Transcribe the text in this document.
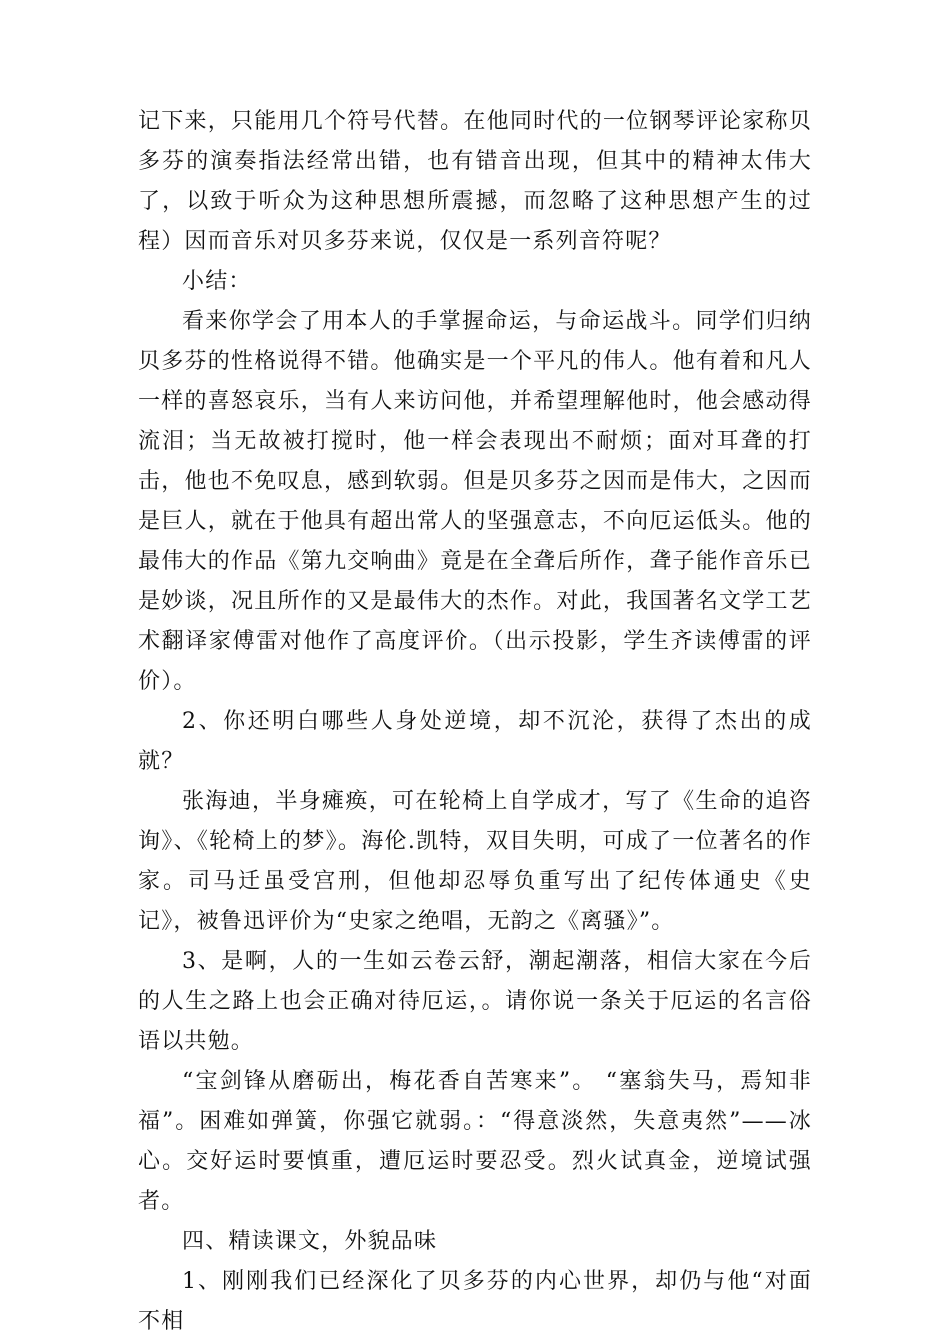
记下来，只能用几个符号代替。在他同时代的一位钢琴评论家称贝多芬的演奏指法经常出错，也有错音出现，但其中的精神太伟大了，以致于听众为这种思想所震撼，而忽略了这种思想产生的过程）因而音乐对贝多芬来说，仅仅是一系列音符呢？

小结：

看来你学会了用本人的手掌握命运，与命运战斗。同学们归纳贝多芬的性格说得不错。他确实是一个平凡的伟人。他有着和凡人一样的喜怒哀乐，当有人来访问他，并希望理解他时，他会感动得流泪；当无故被打搅时，他一样会表现出不耐烦；面对耳聋的打击，他也不免叹息，感到软弱。但是贝多芬之因而是伟大，之因而是巨人，就在于他具有超出常人的坚强意志，不向厄运低头。他的最伟大的作品《第九交响曲》竟是在全聋后所作，聋子能作音乐已是妙谈，况且所作的又是最伟大的杰作。对此，我国著名文学工艺术翻译家傅雷对他作了高度评价。（出示投影，学生齐读傅雷的评价）。

2、你还明白哪些人身处逆境，却不沉沦，获得了杰出的成就？

张海迪，半身瘫痪，可在轮椅上自学成才，写了《生命的追咨询》、《轮椅上的梦》。海伦.凯特，双目失明，可成了一位著名的作家。司马迁虽受宫刑，但他却忍辱负重写出了纪传体通史《史记》，被鲁迅评价为“史家之绝唱，无韵之《离骚》”。

3、是啊，人的一生如云卷云舒，潮起潮落，相信大家在今后的人生之路上也会正确对待厄运，。请你说一条关于厄运的名言俗语以共勉。

“宝剑锋从磨砺出，梅花香自苦寒来”。 “塞翁失马，焉知非福”。困难如弹簧，你强它就弱。：“得意淡然，失意夷然”——冰心。交好运时要慎重，遭厄运时要忍受。烈火试真金，逆境试强者。

四、精读课文，外貌品味

1、刚刚我们已经深化了贝多芬的内心世界，却仍与他“对面不相
